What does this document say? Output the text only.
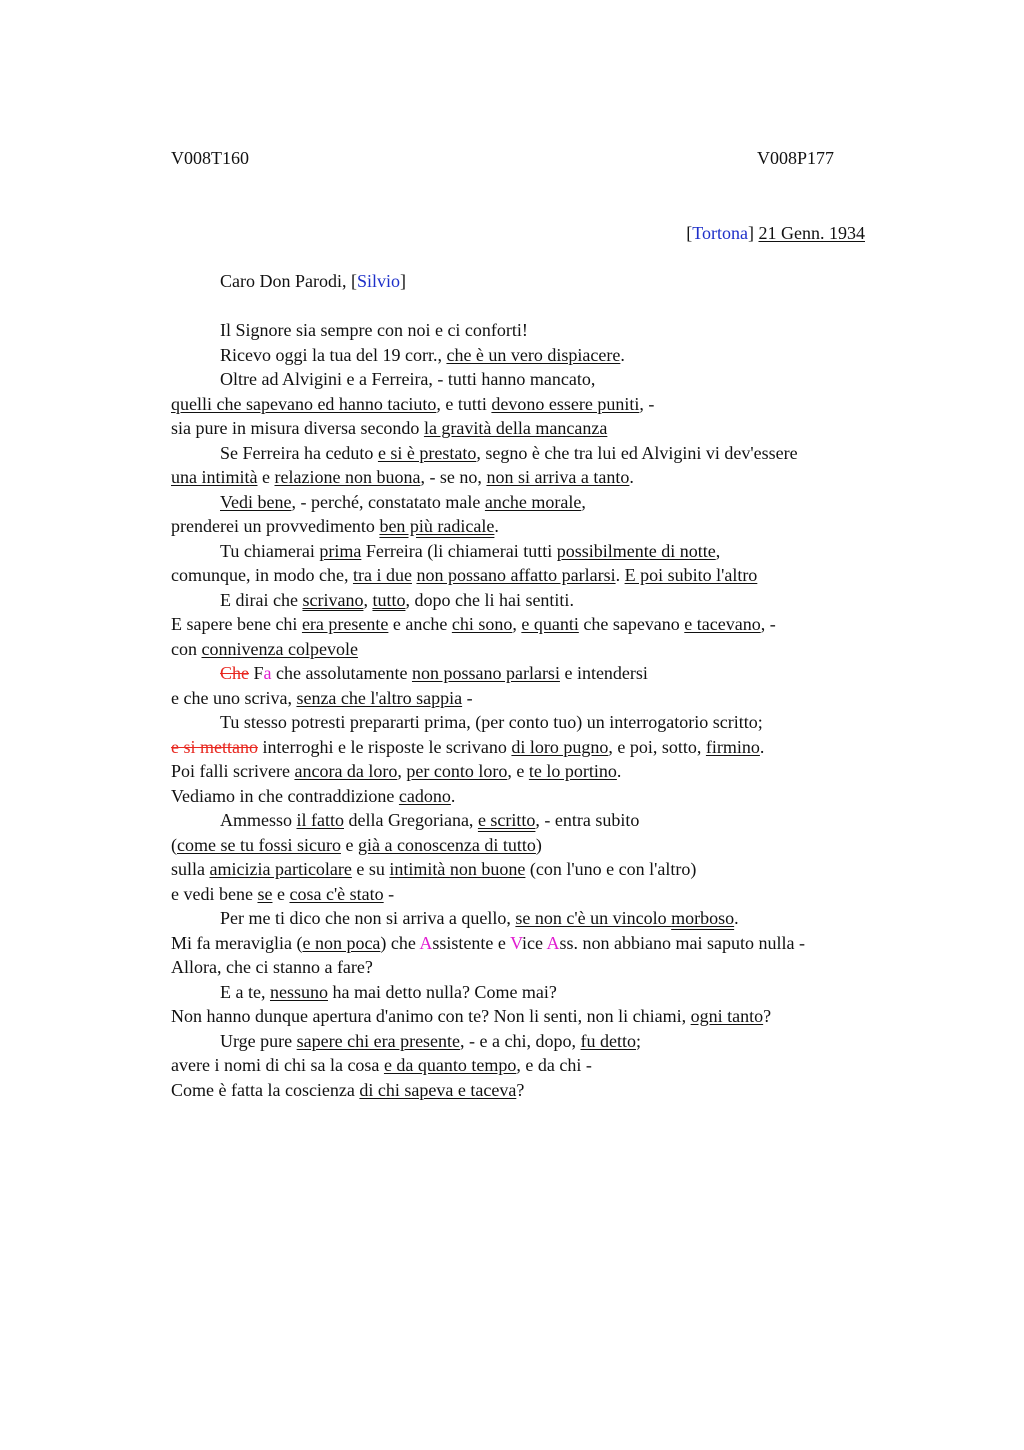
V008T160	V008P177
[Tortona] 21 Genn. 1934
Caro Don Parodi, [Silvio]
Il Signore sia sempre con noi e ci conforti!
Ricevo oggi la tua del 19 corr., che è un vero dispiacere.
Oltre ad Alvigini e a Ferreira, - tutti hanno mancato,
quelli che sapevano ed hanno taciuto, e tutti devono essere puniti, -
sia pure in misura diversa secondo la gravità della mancanza
Se Ferreira ha ceduto e si è prestato, segno è che tra lui ed Alvigini vi dev'essere
una intimità e relazione non buona, - se no, non si arriva a tanto.
Vedi bene, - perché, constatato male anche morale,
prenderei un provvedimento ben più radicale.
Tu chiamerai prima Ferreira (li chiamerai tutti possibilmente di notte,
comunque, in modo che, tra i due non possano affatto parlarsi. E poi subito l'altro
E dirai che scrivano, tutto, dopo che li hai sentiti.
E sapere bene chi era presente e anche chi sono, e quanti che sapevano e tacevano, -
con connivenza colpevole
Che Fa che assolutamente non possano parlarsi e intendersi
e che uno scriva, senza che l'altro sappia -
Tu stesso potresti prepararti prima, (per conto tuo) un interrogatorio scritto;
e si mettano interroghi e le risposte le scrivano di loro pugno, e poi, sotto, firmino.
Poi falli scrivere ancora da loro, per conto loro, e te lo portino.
Vediamo in che contraddizione cadono.
Ammesso il fatto della Gregoriana, e scritto, - entra subito
(come se tu fossi sicuro e già a conoscenza di tutto)
sulla amicizia particolare e su intimità non buone (con l'uno e con l'altro)
e vedi bene se e cosa c'è stato -
Per me ti dico che non si arriva a quello, se non c'è un vincolo morboso.
Mi fa meraviglia (e non poca) che Assistente e Vice Ass. non abbiano mai saputo nulla -
Allora, che ci stanno a fare?
E a te, nessuno ha mai detto nulla? Come mai?
Non hanno dunque apertura d'animo con te? Non li senti, non li chiami, ogni tanto?
Urge pure sapere chi era presente, - e a chi, dopo, fu detto;
avere i nomi di chi sa la cosa e da quanto tempo, e da chi -
Come è fatta la coscienza di chi sapeva e taceva?
